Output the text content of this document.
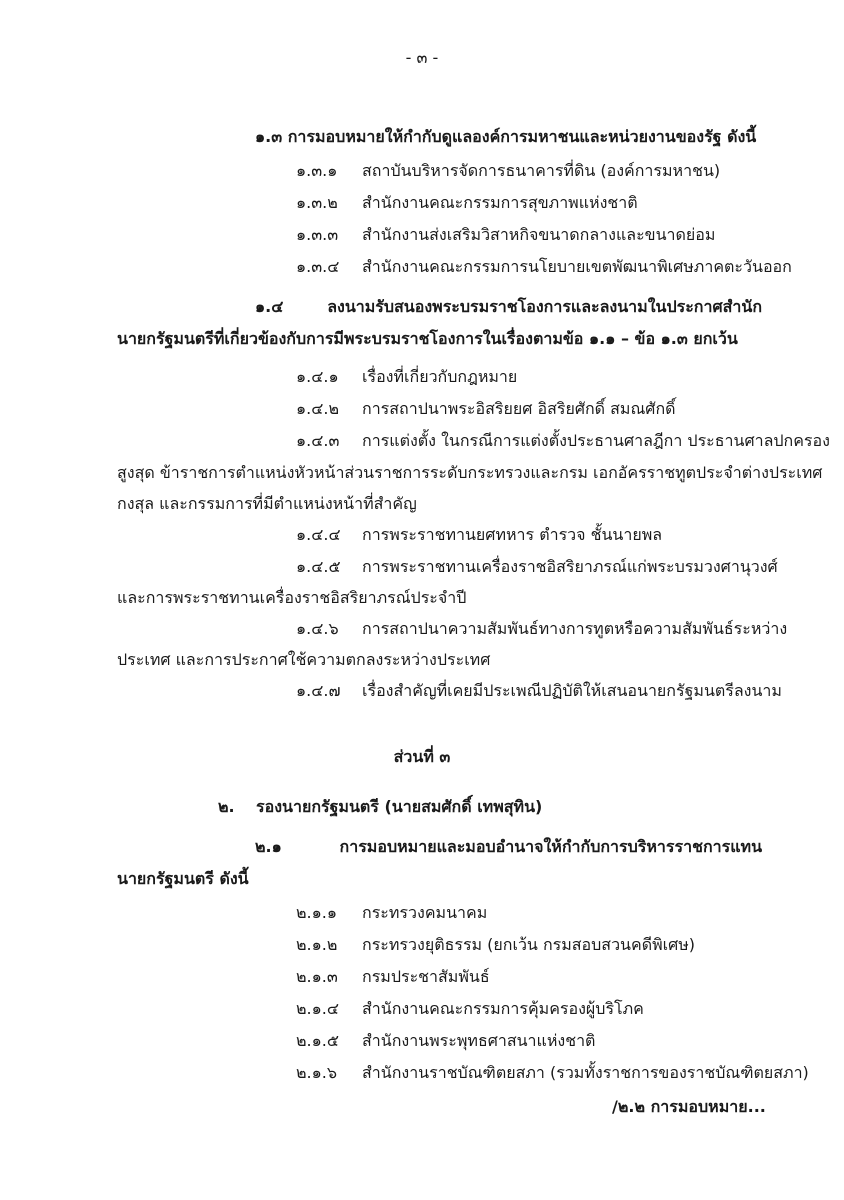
- ๓ -
๑.๓ การมอบหมายให้กำกับดูแลองค์การมหาชนและหน่วยงานของรัฐ ดังนี้
๑.๓.๑ สถาบันบริหารจัดการธนาคารที่ดิน (องค์การมหาชน)
๑.๓.๒ สำนักงานคณะกรรมการสุขภาพแห่งชาติ
๑.๓.๓ สำนักงานส่งเสริมวิสาหกิจขนาดกลางและขนาดย่อม
๑.๓.๔ สำนักงานคณะกรรมการนโยบายเขตพัฒนาพิเศษภาคตะวันออก
๑.๔ ลงนามรับสนองพระบรมราชโองการและลงนามในประกาศสำนัก
นายกรัฐมนตรีที่เกี่ยวข้องกับการมีพระบรมราชโองการในเรื่องตามข้อ ๑.๑ – ข้อ ๑.๓ ยกเว้น
๑.๔.๑ เรื่องที่เกี่ยวกับกฎหมาย
๑.๔.๒ การสถาปนาพระอิสริยยศ อิสริยศักดิ์ สมณศักดิ์
๑.๔.๓ การแต่งตั้ง ในกรณีการแต่งตั้งประธานศาลฎีกา ประธานศาลปกครอง
สูงสุด ข้าราชการตำแหน่งหัวหน้าส่วนราชการระดับกระทรวงและกรม เอกอัครราชทูตประจำต่างประเทศ
กงสุล และกรรมการที่มีตำแหน่งหน้าที่สำคัญ
๑.๔.๔ การพระราชทานยศทหาร ตำรวจ ชั้นนายพล
๑.๔.๕ การพระราชทานเครื่องราชอิสริยาภรณ์แก่พระบรมวงศานุวงศ์
และการพระราชทานเครื่องราชอิสริยาภรณ์ประจำปี
๑.๔.๖ การสถาปนาความสัมพันธ์ทางการทูตหรือความสัมพันธ์ระหว่าง
ประเทศ และการประกาศใช้ความตกลงระหว่างประเทศ
๑.๔.๗ เรื่องสำคัญที่เคยมีประเพณีปฏิบัติให้เสนอนายกรัฐมนตรีลงนาม
ส่วนที่ ๓
๒. รองนายกรัฐมนตรี (นายสมศักดิ์ เทพสุทิน)
๒.๑ การมอบหมายและมอบอำนาจให้กำกับการบริหารราชการแทน
นายกรัฐมนตรี ดังนี้
๒.๑.๑ กระทรวงคมนาคม
๒.๑.๒ กระทรวงยุติธรรม (ยกเว้น กรมสอบสวนคดีพิเศษ)
๒.๑.๓ กรมประชาสัมพันธ์
๒.๑.๔ สำนักงานคณะกรรมการคุ้มครองผู้บริโภค
๒.๑.๕ สำนักงานพระพุทธศาสนาแห่งชาติ
๒.๑.๖ สำนักงานราชบัณฑิตยสภา (รวมทั้งราชการของราชบัณฑิตยสภา)
/๒.๒ การมอบหมาย...
